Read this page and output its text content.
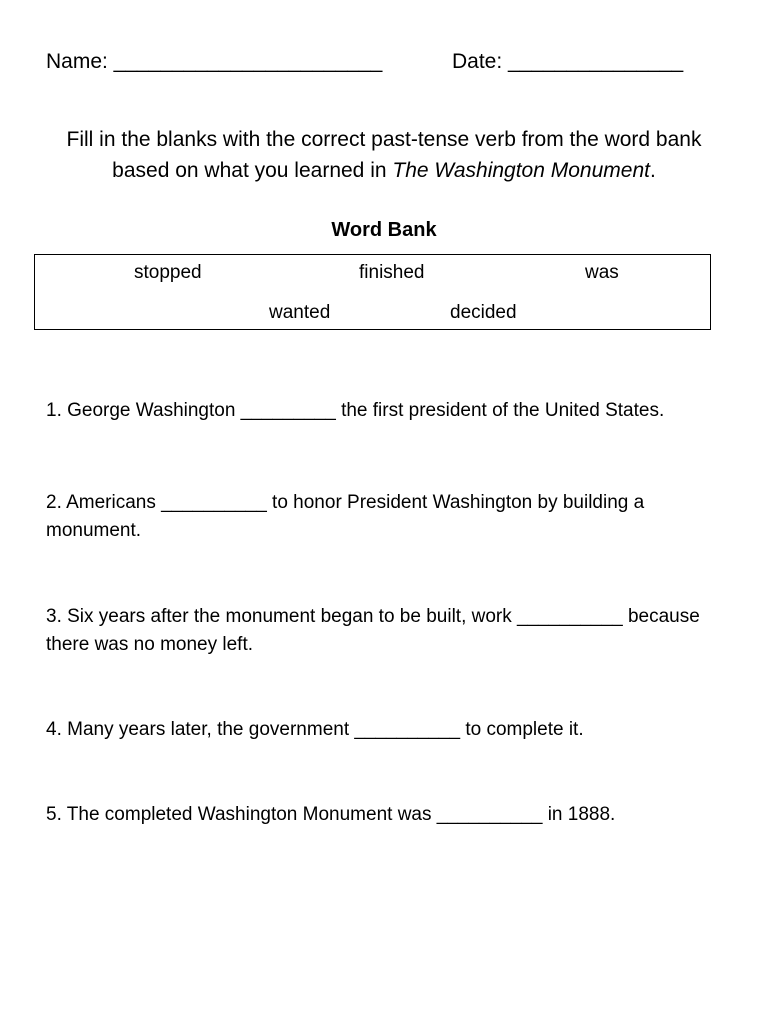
Name: _______________________	Date: _______________
Fill in the blanks with the correct past-tense verb from the word bank based on what you learned in The Washington Monument.
Word Bank
stopped	finished	was
wanted	decided
1. George Washington _________ the first president of the United States.
2. Americans __________ to honor President Washington by building a monument.
3. Six years after the monument began to be built, work __________ because there was no money left.
4. Many years later, the government __________ to complete it.
5. The completed Washington Monument was __________ in 1888.
